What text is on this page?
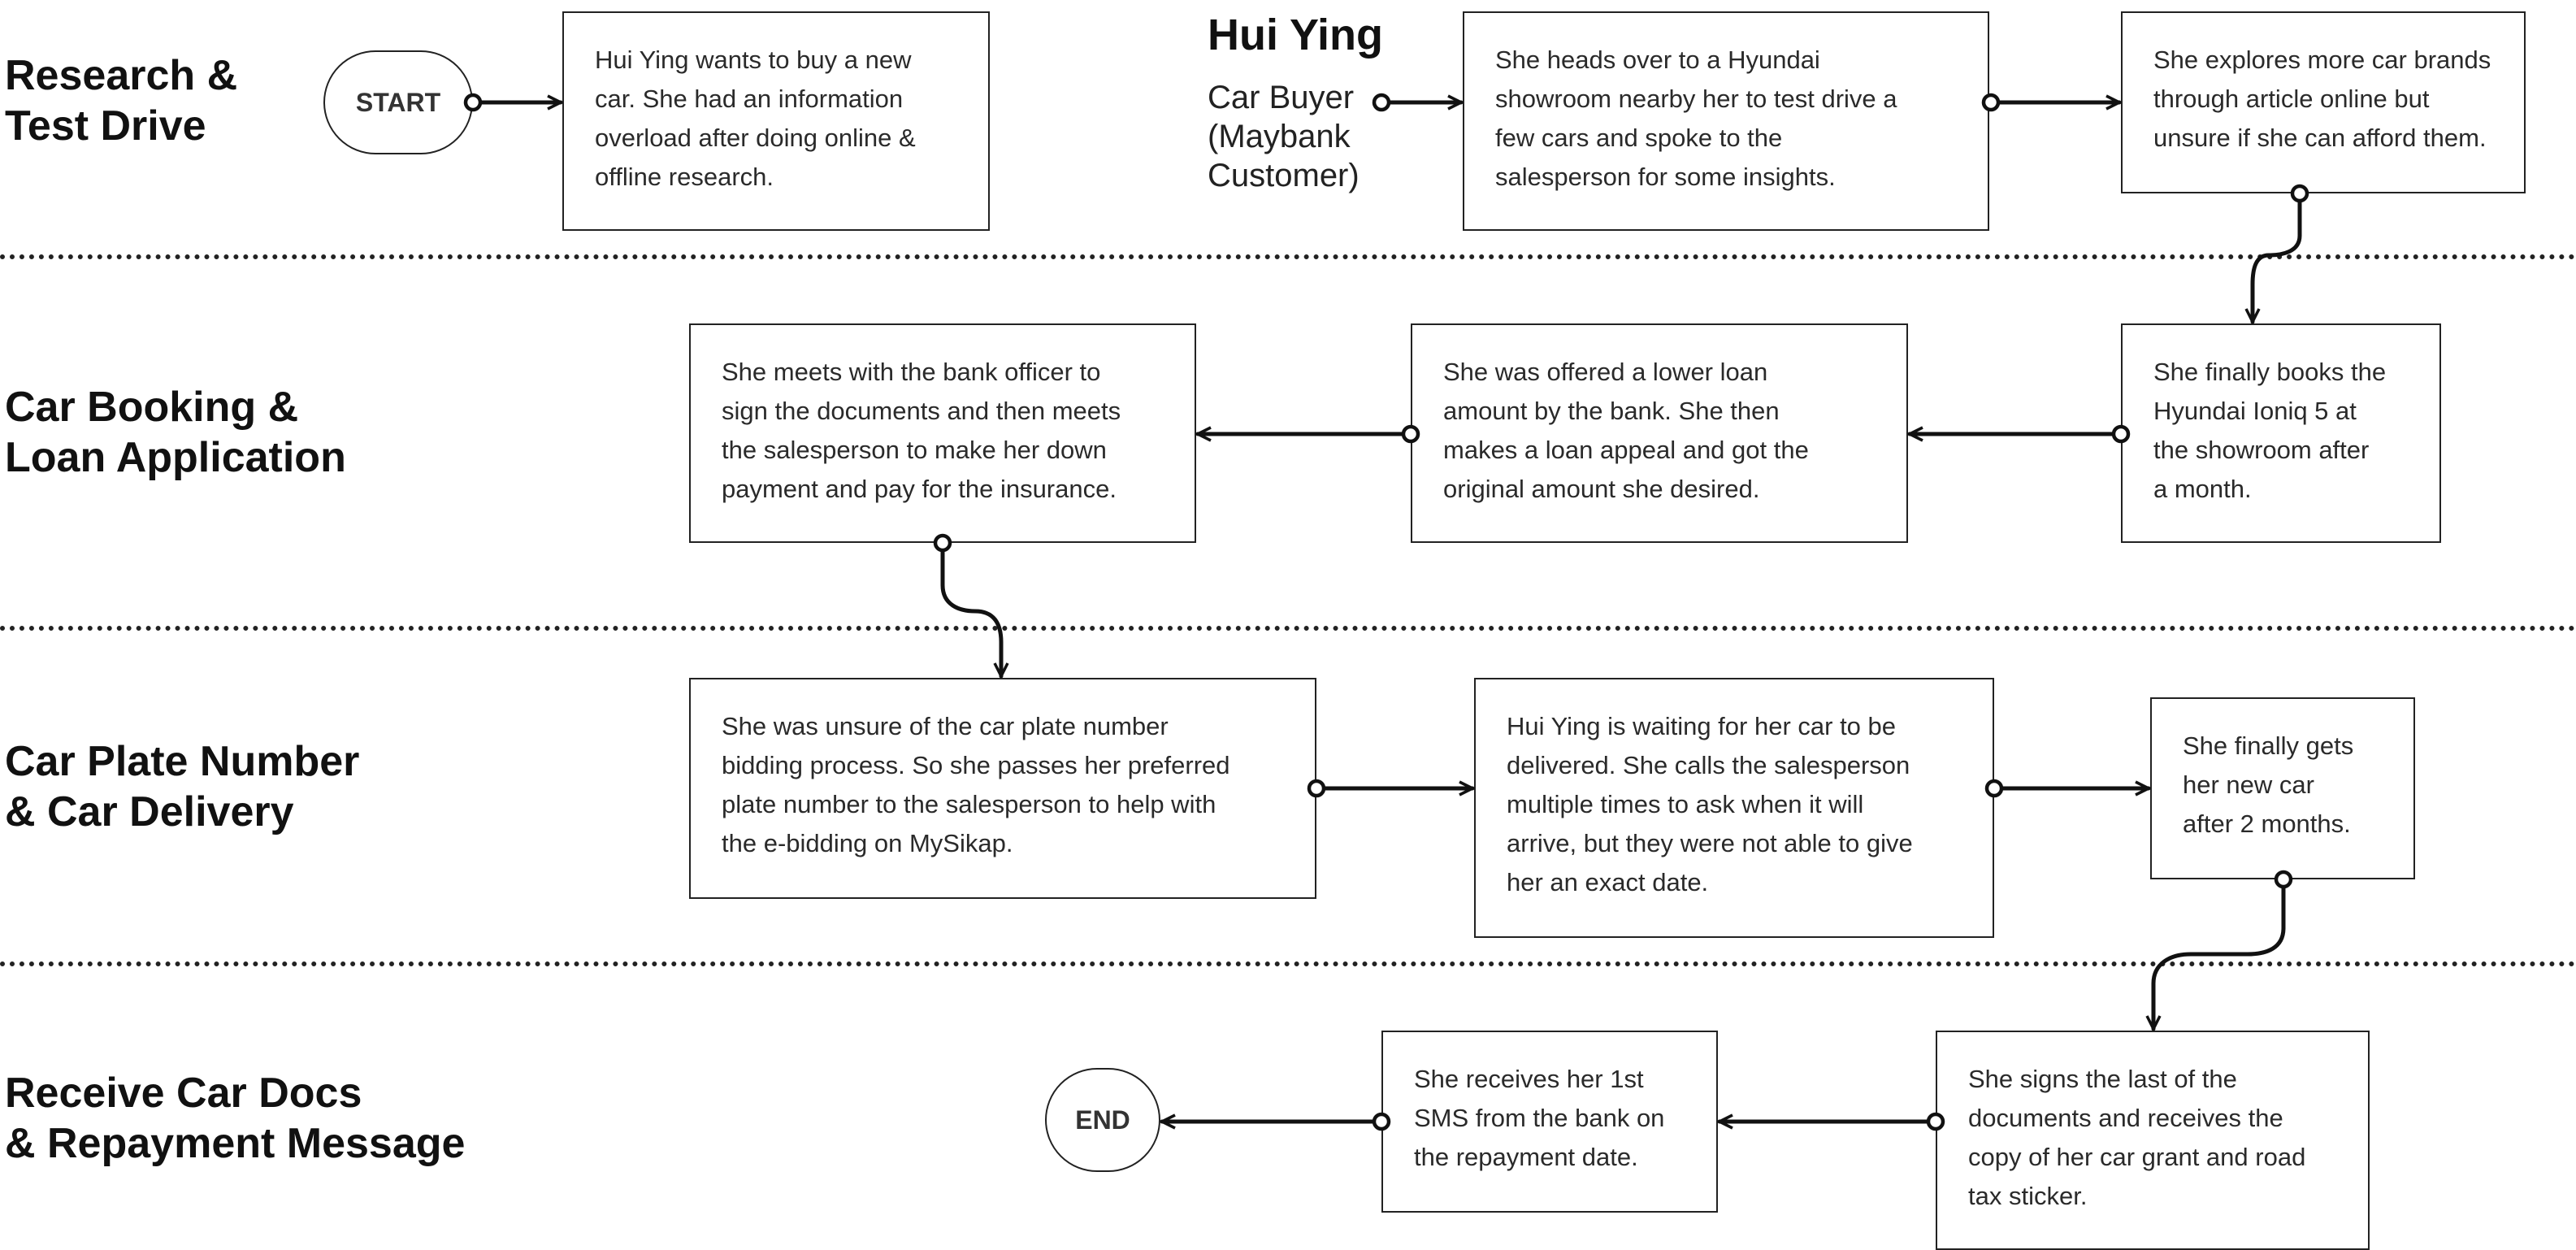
Research &
Test Drive
Car Booking &
Loan Application
Car Plate Number
& Car Delivery
Receive Car Docs
& Repayment Message
Hui Ying
Car Buyer
(Maybank
Customer)
START
END
Hui Ying wants to buy a new
car. She had an information
overload after doing online &
offline research.
She heads over to a Hyundai
showroom nearby her to test drive a
few cars and spoke to the
salesperson for some insights.
She explores more car brands
through article online but
unsure if she can afford them.
She finally books the
Hyundai Ioniq 5 at
the showroom after
a month.
She was offered a lower loan
amount by the bank. She then
makes a loan appeal and got the
original amount she desired.
She meets with the bank officer to
sign the documents and then meets
the salesperson to make her down
payment and pay for the insurance.
She was unsure of the car plate number
bidding process. So she passes her preferred
plate number to the salesperson to help with
the e-bidding on MySikap.
Hui Ying is waiting for her car to be
delivered. She calls the salesperson
multiple times to ask when it will
arrive, but they were not able to give
her an exact date.
She finally gets
her new car
after 2 months.
She signs the last of the
documents and receives the
copy of her car grant and road
tax sticker.
She receives her 1st
SMS from the bank on
the repayment date.
